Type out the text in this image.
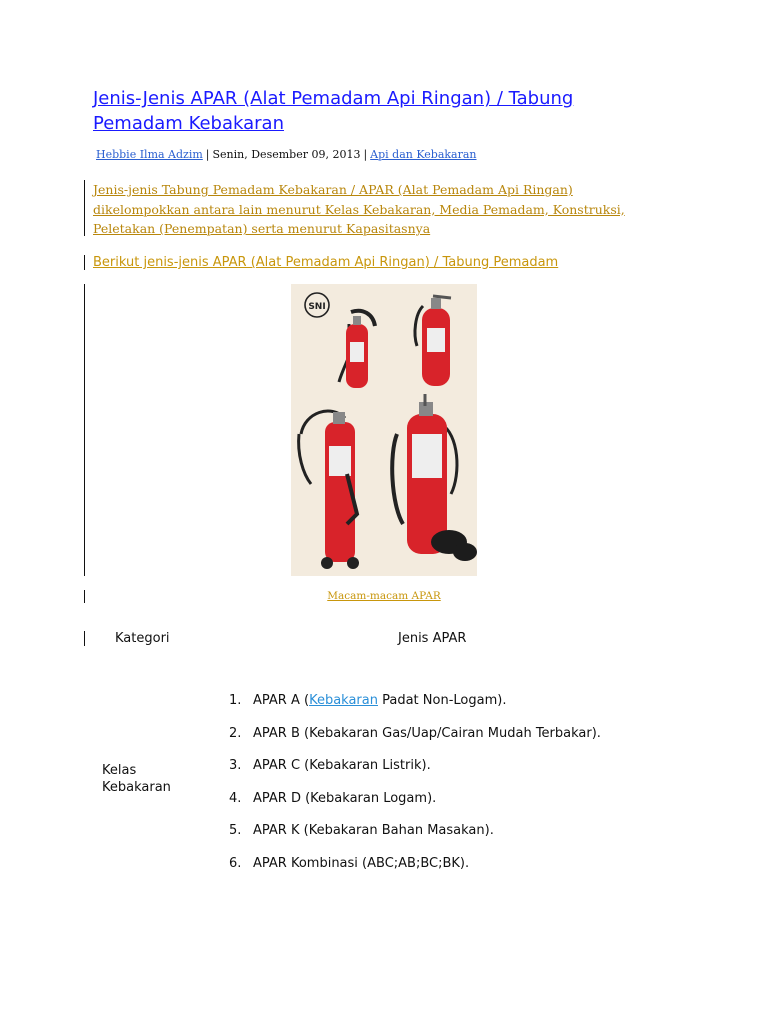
Jenis-Jenis APAR (Alat Pemadam Api Ringan) / Tabung Pemadam Kebakaran
Hebbie Ilma Adzim | Senin, Desember 09, 2013 | Api dan Kebakaran
Jenis-jenis Tabung Pemadam Kebakaran / APAR (Alat Pemadam Api Ringan) dikelompokkan antara lain menurut Kelas Kebakaran, Media Pemadam, Konstruksi, Peletakan (Penempatan) serta menurut Kapasitasnya
Berikut jenis-jenis APAR (Alat Pemadam Api Ringan) / Tabung Pemadam
SNI
Macam-macam APAR
Kategori	Jenis APAR
Kelas Kebakaran
1. APAR A (Kebakaran Padat Non-Logam).
2. APAR B (Kebakaran Gas/Uap/Cairan Mudah Terbakar).
3. APAR C (Kebakaran Listrik).
4. APAR D (Kebakaran Logam).
5. APAR K (Kebakaran Bahan Masakan).
6. APAR Kombinasi (ABC;AB;BC;BK).
